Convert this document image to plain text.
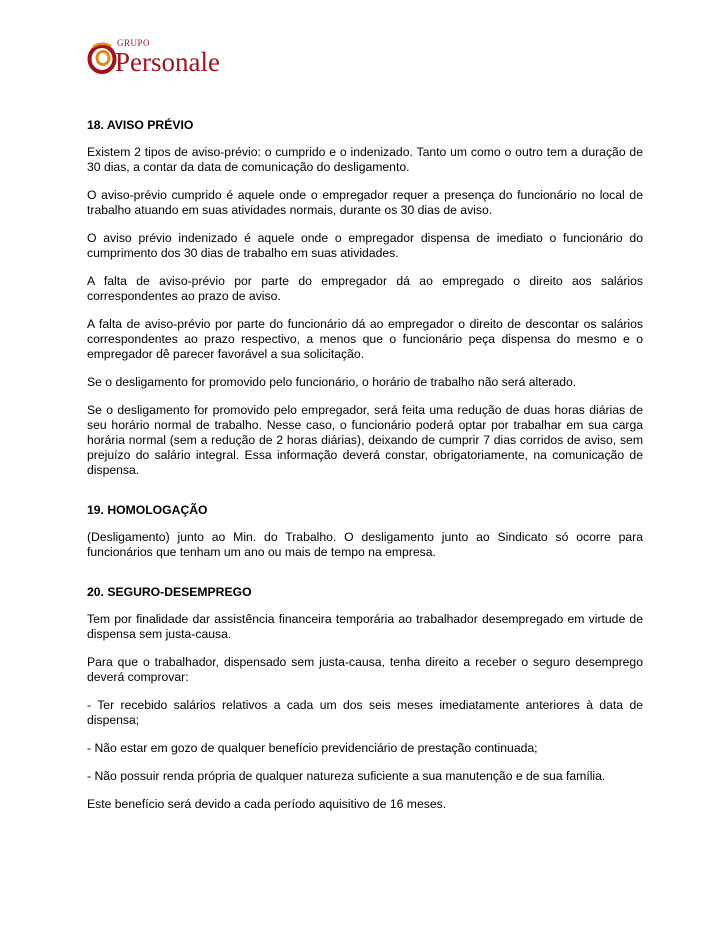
GRUPO
Personale

18. AVISO PRÉVIO

Existem 2 tipos de aviso-prévio: o cumprido e o indenizado. Tanto um como o outro tem a duração de 30 dias, a contar da data de comunicação do desligamento.

O aviso-prévio cumprido é aquele onde o empregador requer a presença do funcionário no local de trabalho atuando em suas atividades normais, durante os 30 dias de aviso.

O aviso prévio indenizado é aquele onde o empregador dispensa de imediato o funcionário do cumprimento dos 30 dias de trabalho em suas atividades.

A falta de aviso-prévio por parte do empregador dá ao empregado o direito aos salários correspondentes ao prazo de aviso.

A falta de aviso-prévio por parte do funcionário dá ao empregador o direito de descontar os salários correspondentes ao prazo respectivo, a menos que o funcionário peça dispensa do mesmo e o empregador dê parecer favorável a sua solicitação.

Se o desligamento for promovido pelo funcionário, o horário de trabalho não será alterado.

Se o desligamento for promovido pelo empregador, será feita uma redução de duas horas diárias de seu horário normal de trabalho. Nesse caso, o funcionário poderá optar por trabalhar em sua carga horária normal (sem a redução de 2 horas diárias), deixando de cumprir 7 dias corridos de aviso, sem prejuízo do salário integral. Essa informação deverá constar, obrigatoriamente, na comunicação de dispensa.

19. HOMOLOGAÇÃO

(Desligamento) junto ao Min. do Trabalho. O desligamento junto ao Sindicato só ocorre para funcionários que tenham um ano ou mais de tempo na empresa.

20. SEGURO-DESEMPREGO

Tem por finalidade dar assistência financeira temporária ao trabalhador desempregado em virtude de dispensa sem justa-causa.

Para que o trabalhador, dispensado sem justa-causa, tenha direito a receber o seguro desemprego deverá comprovar:

- Ter recebido salários relativos a cada um dos seis meses imediatamente anteriores à data de dispensa;

- Não estar em gozo de qualquer benefício previdenciário de prestação continuada;

- Não possuir renda própria de qualquer natureza suficiente a sua manutenção e de sua família.

Este benefício será devido a cada período aquisitivo de 16 meses.
